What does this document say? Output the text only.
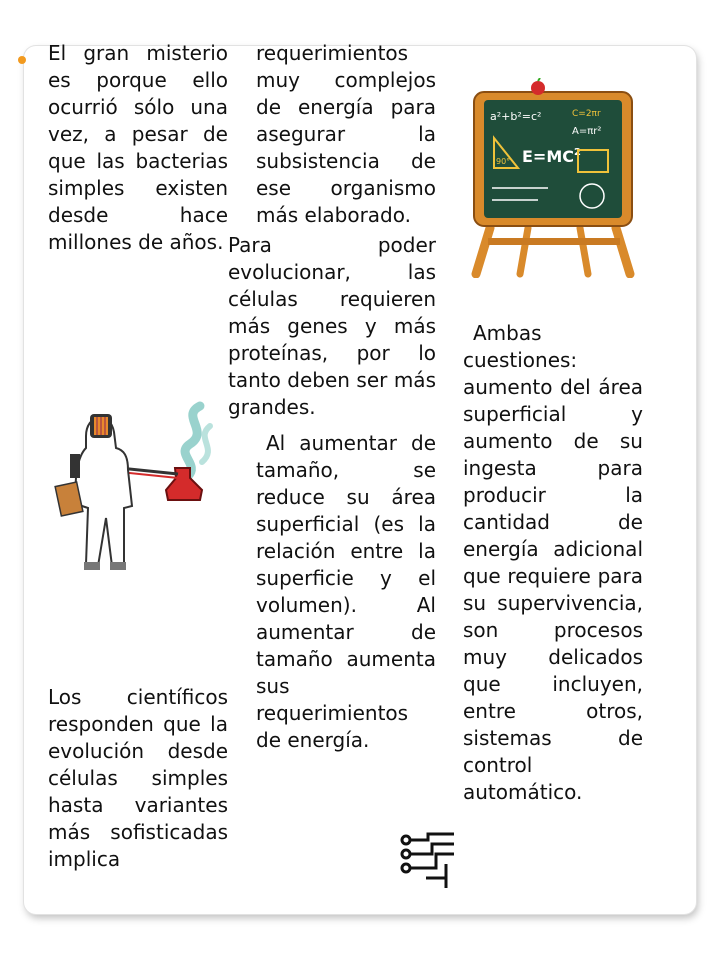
El gran misterio es porque ello ocurrió sólo una vez, a pesar de que las bacterias simples existen desde hace millones de años.

Los científicos responden que la evolución desde células simples hasta variantes más sofisticadas implica

requerimientos muy complejos de energía para asegurar la subsistencia de ese organismo más elaborado.

Para poder evolucionar, las células requieren más genes y más proteínas, por lo tanto deben ser más grandes.

Al aumentar de tamaño, se reduce su área superficial (es la relación entre la superficie y el volumen). Al aumentar de tamaño aumenta sus requerimientos de energía.

a²+b²=c²	C=2πr
A=πr²
90° $E=MC^2$

Ambas cuestiones: aumento del área superficial y aumento de su ingesta para producir la cantidad de energía adicional que requiere para su supervivencia, son procesos muy delicados que incluyen, entre otros, sistemas de control automático.
